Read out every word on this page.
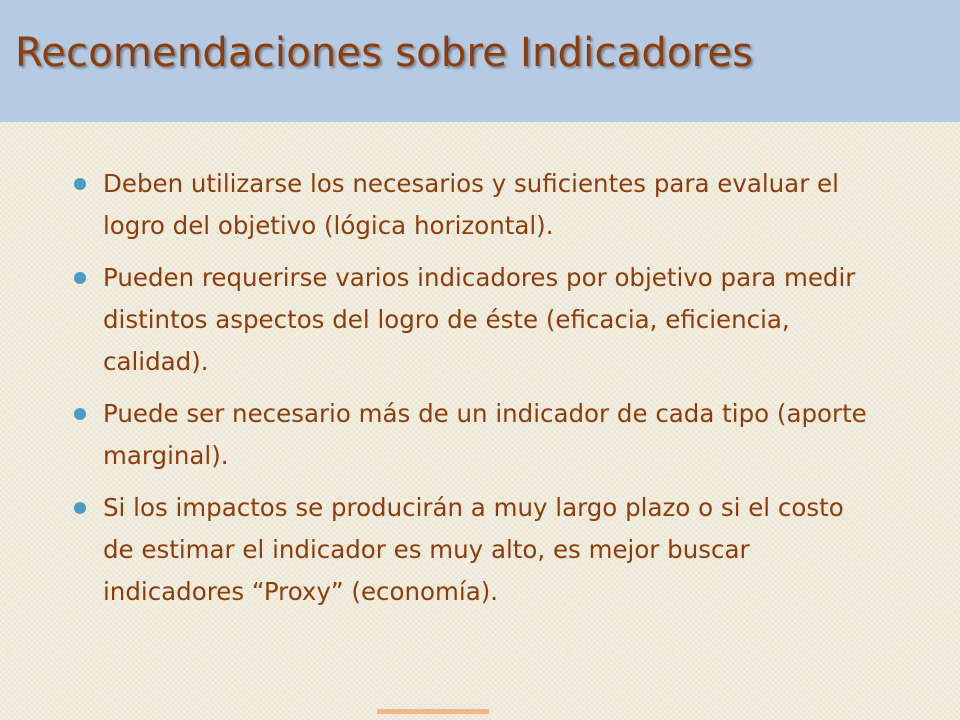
Recomendaciones sobre Indicadores
Deben utilizarse los necesarios y suficientes para evaluar el logro del objetivo (lógica horizontal).
Pueden requerirse varios indicadores por objetivo para medir distintos aspectos del logro de éste (eficacia, eficiencia, calidad).
Puede ser necesario más de un indicador de cada tipo (aporte marginal).
Si los impactos se producirán a muy largo plazo o si el costo de estimar el indicador es muy alto, es mejor buscar indicadores “Proxy” (economía).
